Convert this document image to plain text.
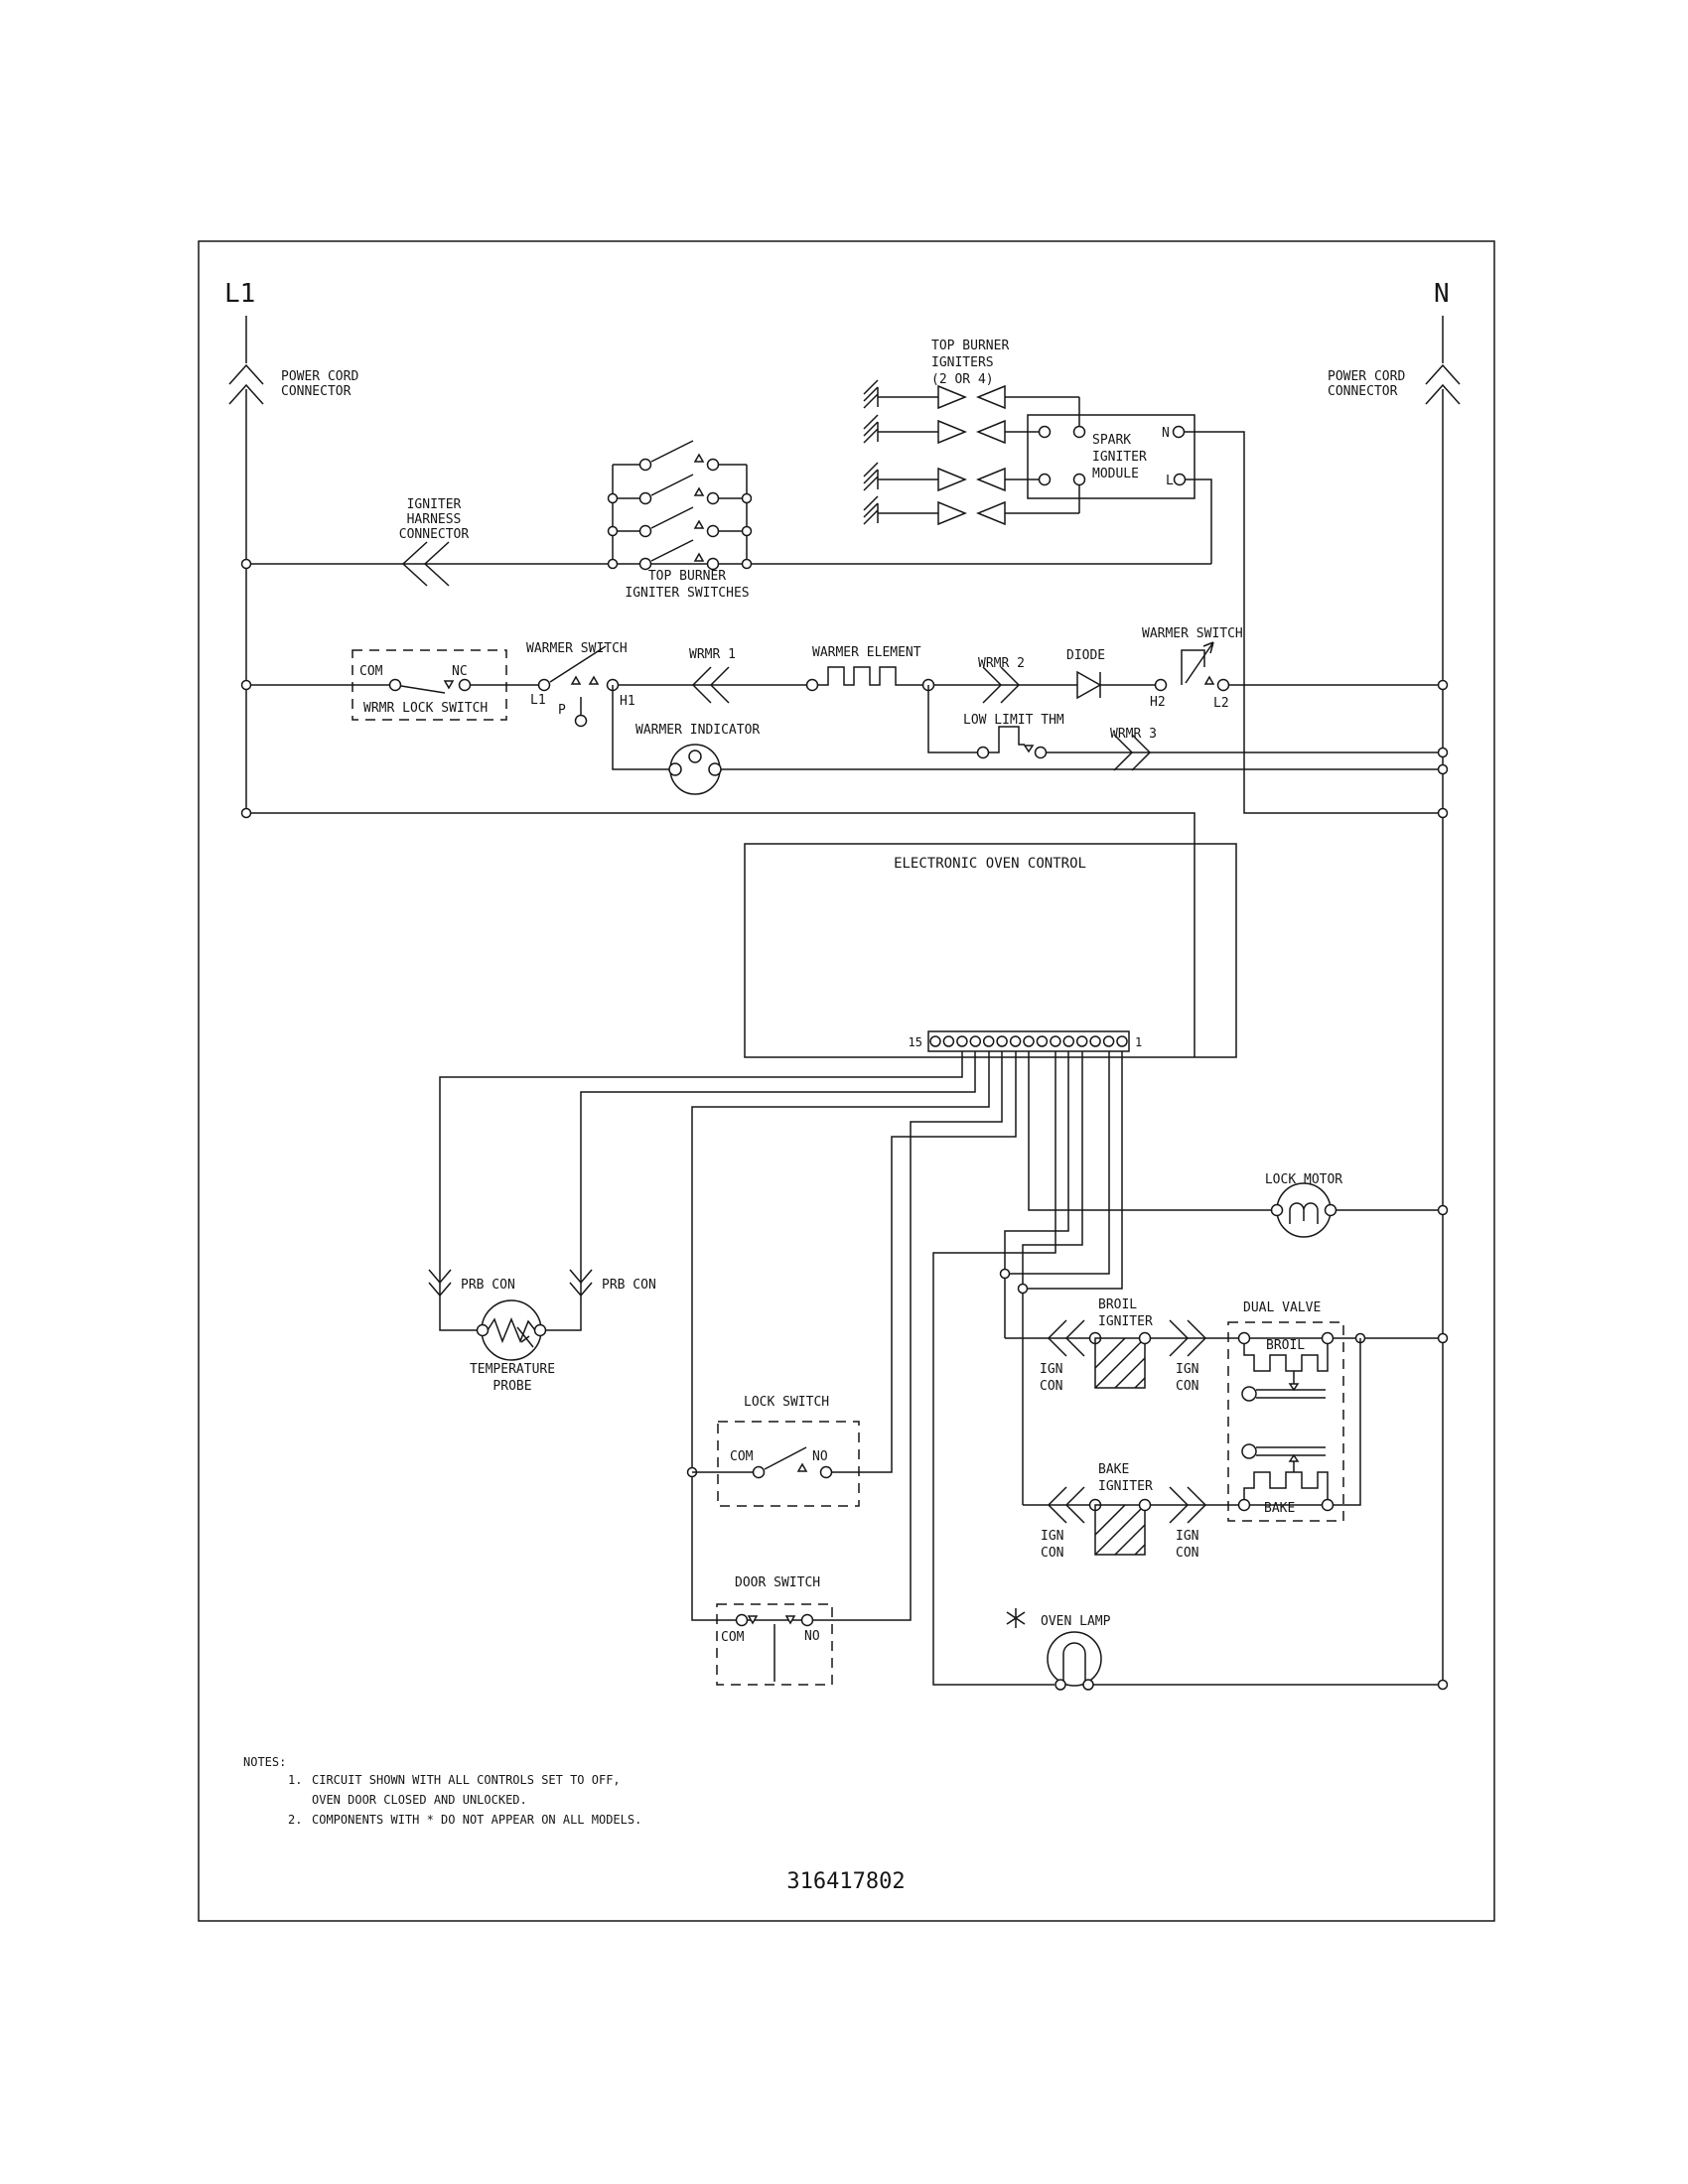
L1	N
POWER CORD
CONNECTOR
POWER CORD
CONNECTOR
TOP BURNER
IGNITERS
(2 OR 4)
SPARK
IGNITER
MODULE
N
L
IGNITER
HARNESS
CONNECTOR
TOP BURNER
IGNITER SWITCHES
COM	NC
WRMR LOCK SWITCH
WARMER SWITCH
L1
P
H1
WRMR 1	WARMER ELEMENT
WRMR 2
DIODE
WARMER SWITCH
H2	L2
WARMER INDICATOR
LOW LIMIT THM
WRMR 3
ELECTRONIC OVEN CONTROL
15	1
LOCK MOTOR
PRB CON	PRB CON
TEMPERATURE
PROBE
LOCK SWITCH
COM	NO
DOOR SWITCH
COM	NO
BROIL
IGNITER
BAKE
IGNITER
IGN
CON
IGN
CON
IGN
CON
IGN
CON
DUAL VALVE
BROIL
BAKE
OVEN LAMP
NOTES:
1. CIRCUIT SHOWN WITH ALL CONTROLS SET TO OFF,
OVEN DOOR CLOSED AND UNLOCKED.
2. COMPONENTS WITH * DO NOT APPEAR ON ALL MODELS.
316417802
